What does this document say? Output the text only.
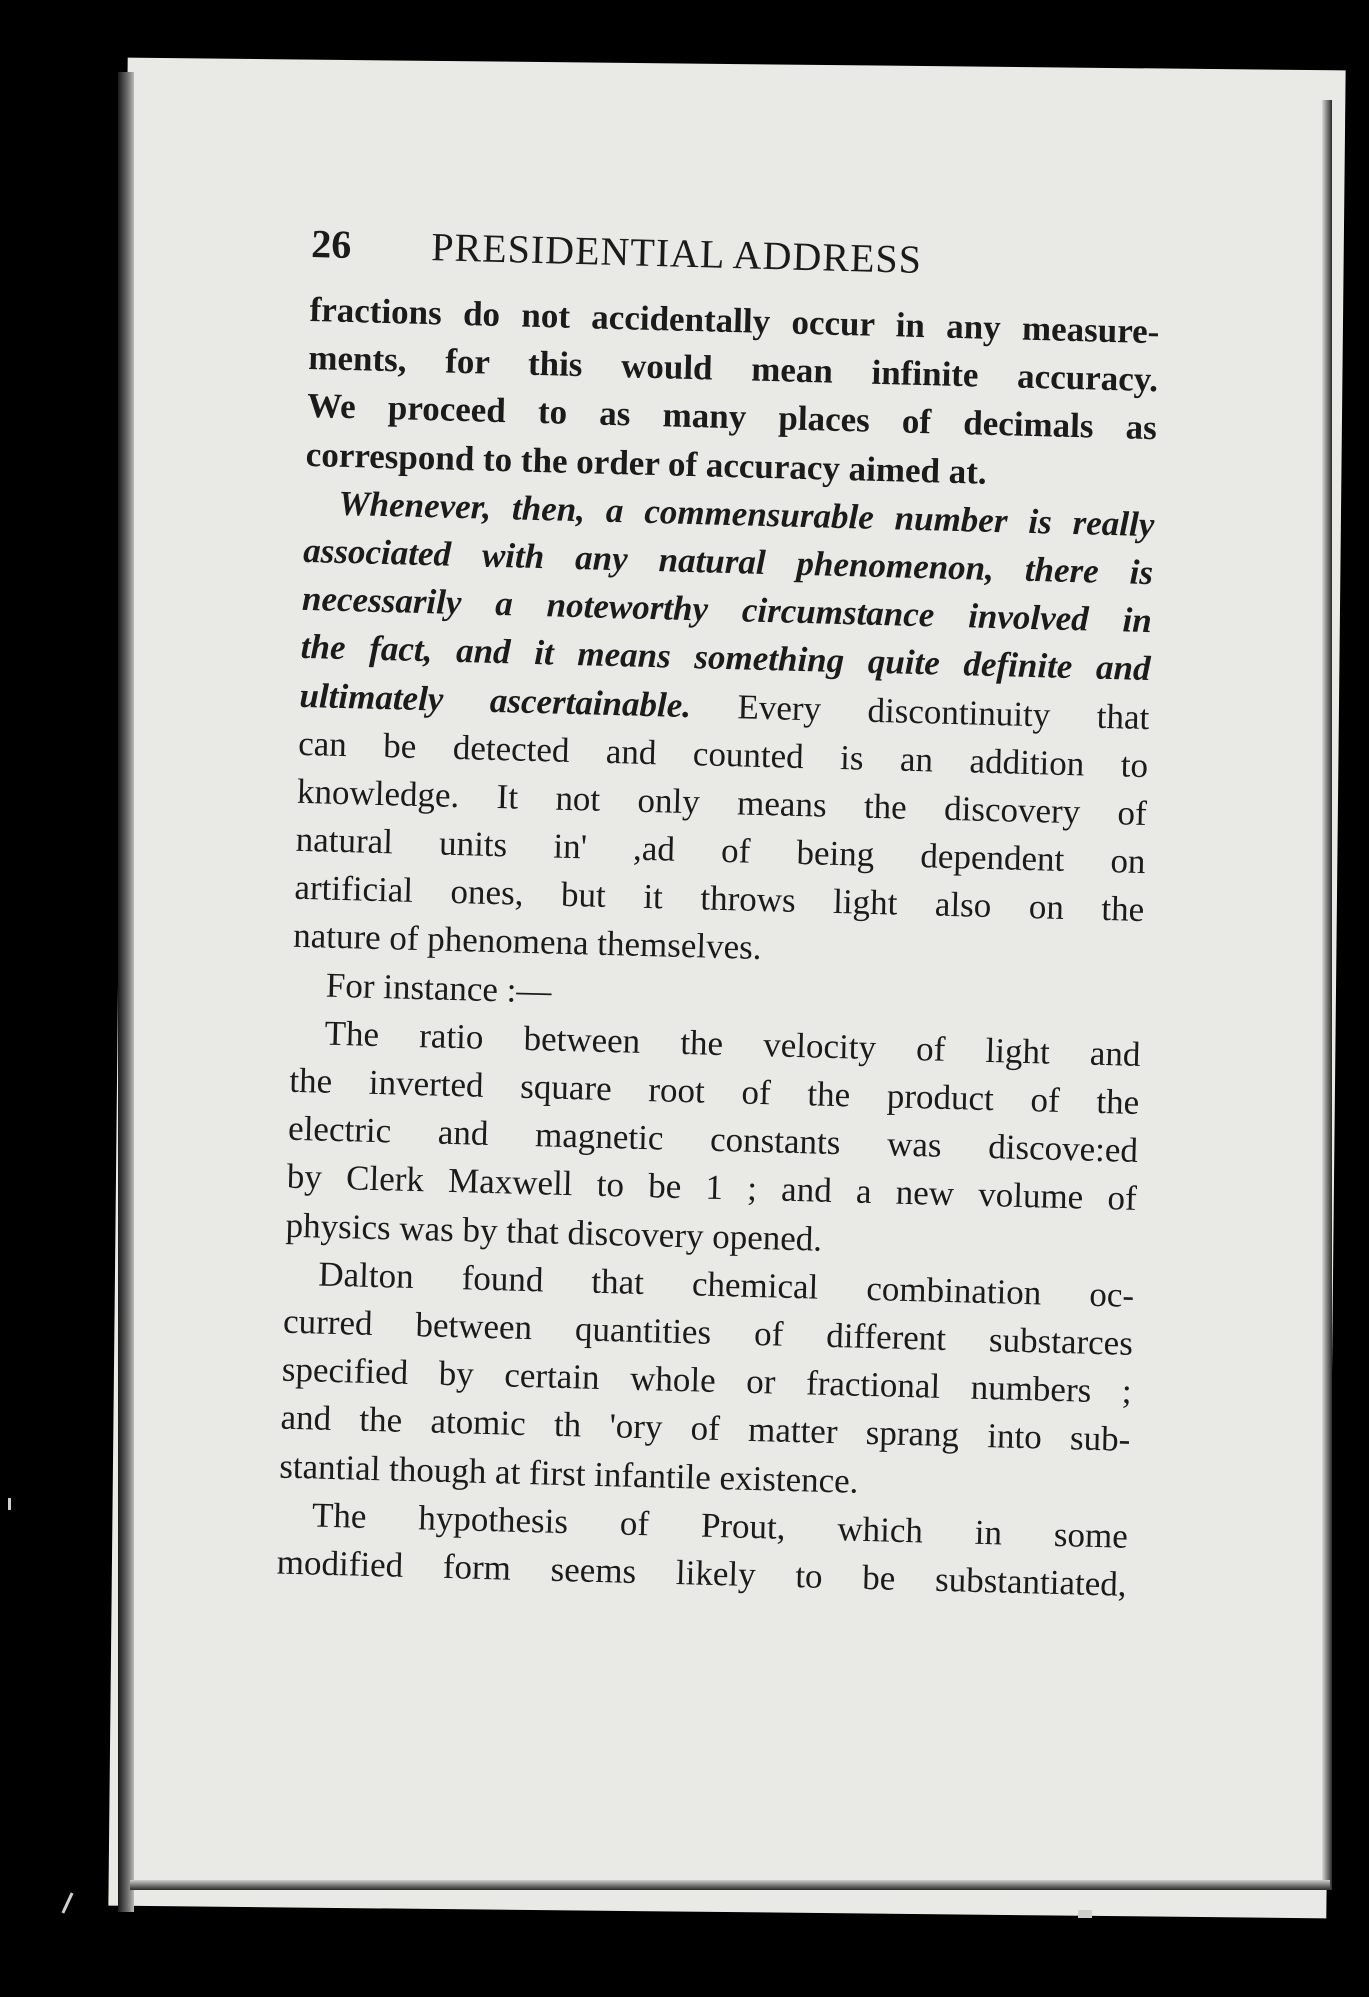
26	PRESIDENTIAL ADDRESS
fractions do not accidentally occur in any measure-
ments, for this would mean infinite accuracy.
We proceed to as many places of decimals as
correspond to the order of accuracy aimed at.
Whenever, then, a commensurable number is really
associated with any natural phenomenon, there is
necessarily a noteworthy circumstance involved in
the fact, and it means something quite definite and
ultimately ascertainable. Every discontinuity that
can be detected and counted is an addition to
knowledge. It not only means the discovery of
natural units in' ,ad of being dependent on
artificial ones, but it throws light also on the
nature of phenomena themselves.
For instance :—
The ratio between the velocity of light and
the inverted square root of the product of the
electric and magnetic constants was discove:ed
by Clerk Maxwell to be 1 ; and a new volume of
physics was by that discovery opened.
Dalton found that chemical combination oc-
curred between quantities of different substarces
specified by certain whole or fractional numbers ;
and the atomic th 'ory of matter sprang into sub-
stantial though at first infantile existence.
The hypothesis of Prout, which in some
modified form seems likely to be substantiated,
